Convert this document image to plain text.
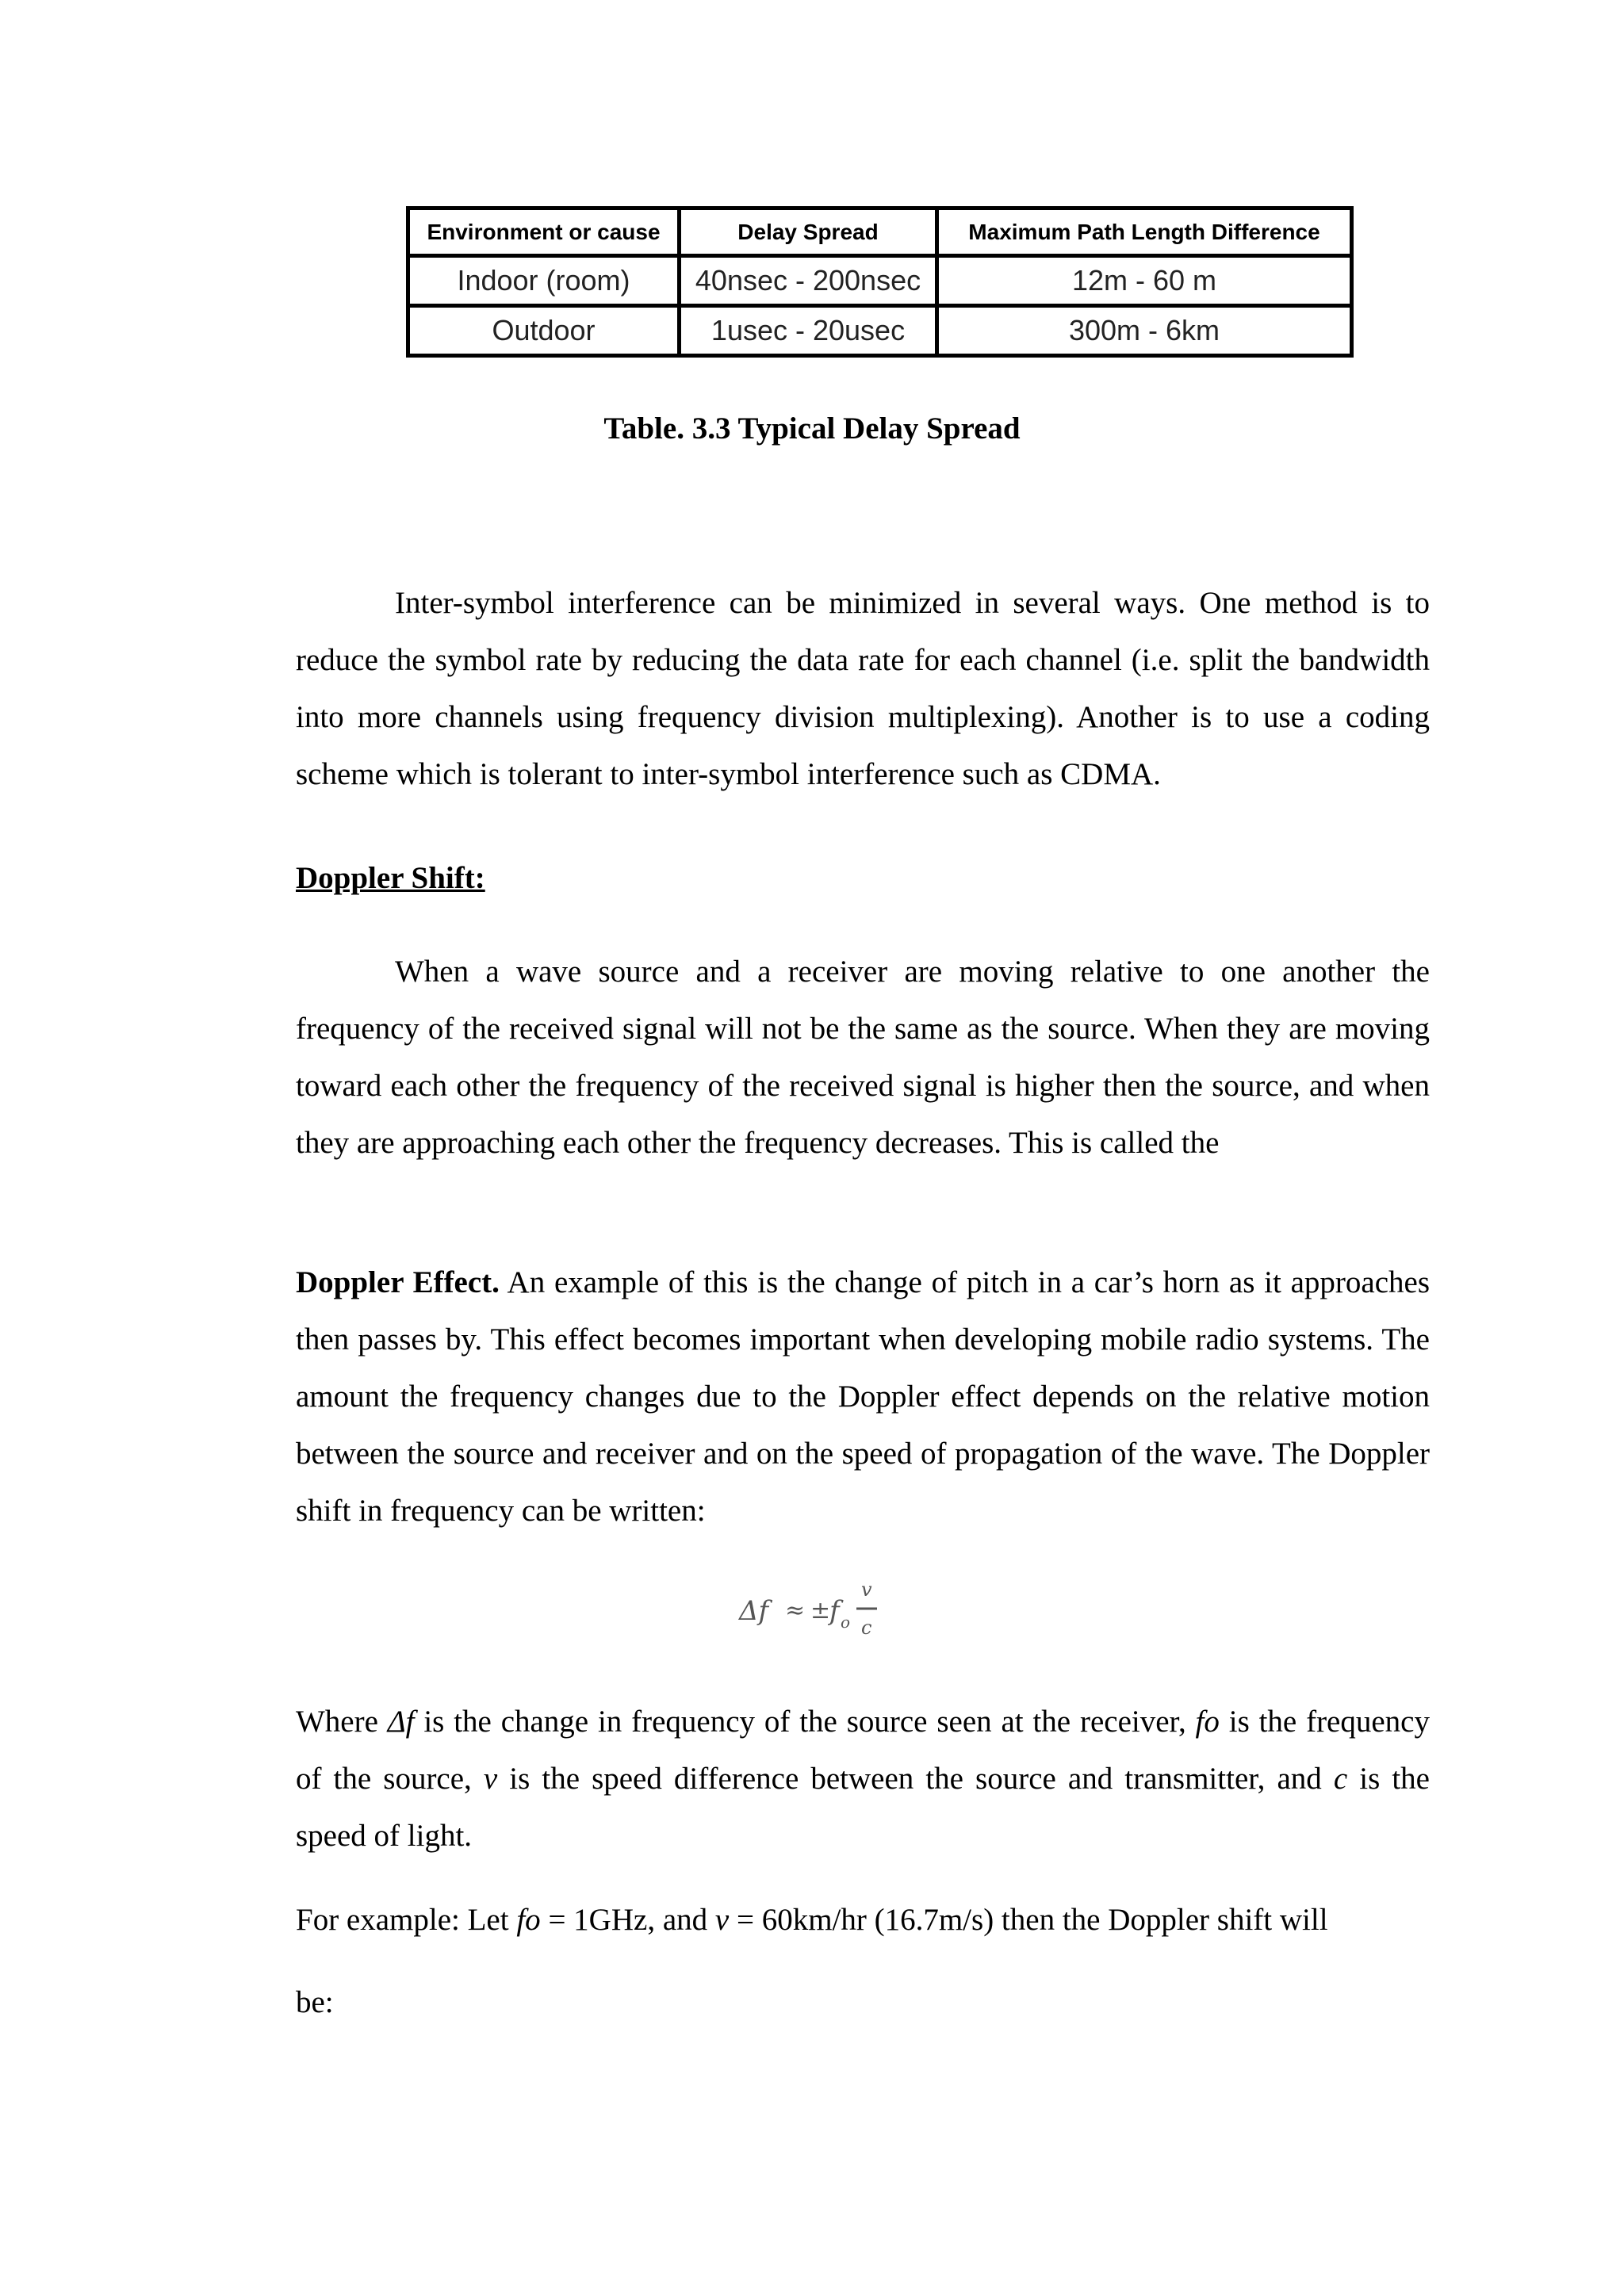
Environment or cause	Delay Spread	Maximum Path Length Difference
Indoor (room)	40nsec - 200nsec	12m - 60 m
Outdoor	1usec - 20usec	300m - 6km
Table. 3.3 Typical Delay Spread

Inter-symbol interference can be minimized in several ways. One method is to reduce the symbol rate by reducing the data rate for each channel (i.e. split the bandwidth into more channels using frequency division multiplexing). Another is to use a coding scheme which is tolerant to inter-symbol interference such as CDMA.

Doppler Shift:

When a wave source and a receiver are moving relative to one another the frequency of the received signal will not be the same as the source. When they are moving toward each other the frequency of the received signal is higher then the source, and when they are approaching each other the frequency decreases. This is called the

Doppler Effect. An example of this is the change of pitch in a car’s horn as it approaches then passes by. This effect becomes important when developing mobile radio systems. The amount the frequency changes due to the Doppler effect depends on the relative motion between the source and receiver and on the speed of propagation of the wave. The Doppler shift in frequency can be written:

Δf ≈ ±
f o
v
c

Where Δf is the change in frequency of the source seen at the receiver, fo is the frequency of the source, v is the speed difference between the source and transmitter, and c is the speed of light.

For example: Let fo = 1GHz, and v = 60km/hr (16.7m/s) then the Doppler shift will

be:
